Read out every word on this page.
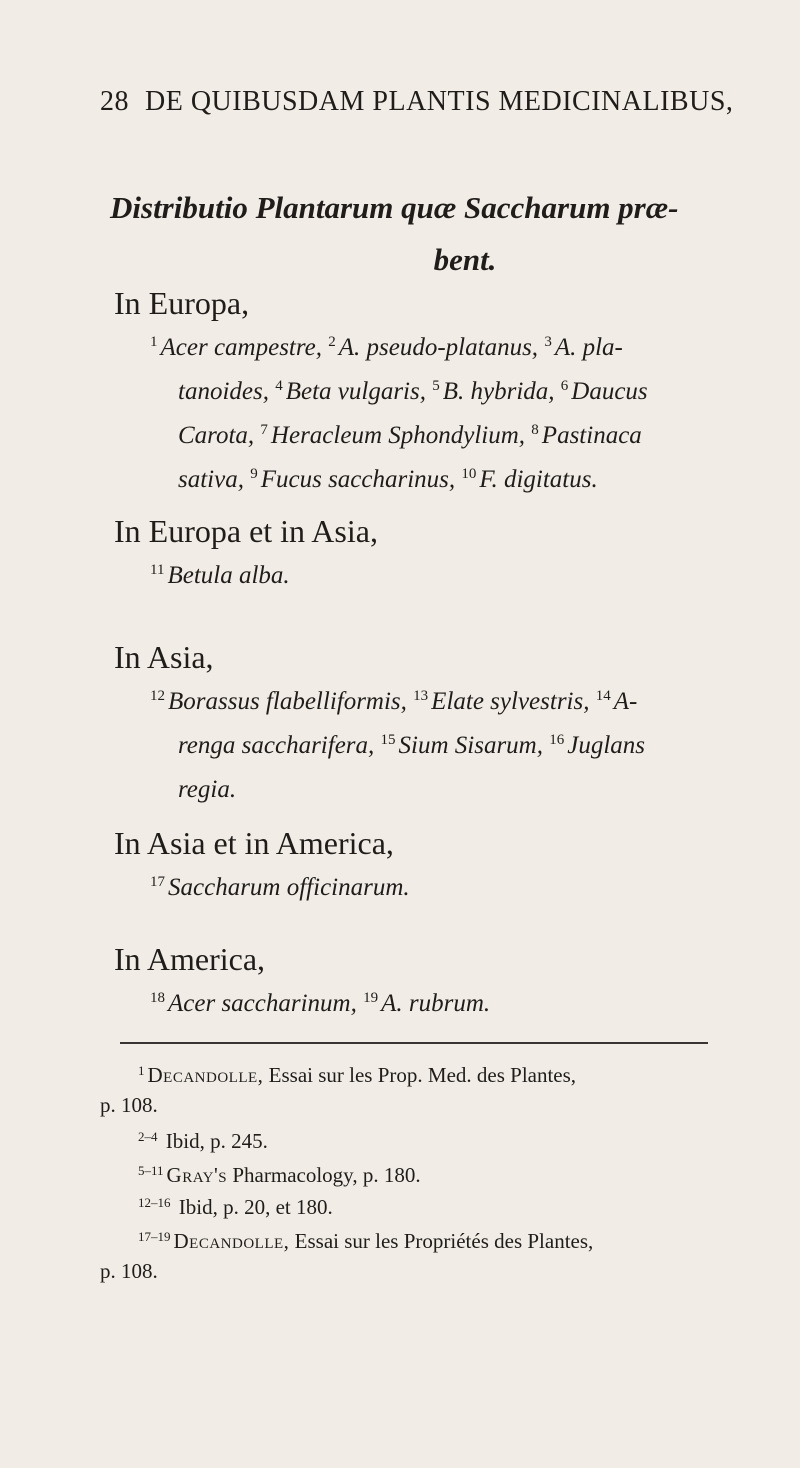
28 DE QUIBUSDAM PLANTIS MEDICINALIBUS,
Distributio Plantarum quæ Saccharum præ-
bent.
In Europa,
$^1$ Acer campestre, $^2$ A. pseudo-platanus, $^3$ A. pla-
tanoides, $^4$ Beta vulgaris, $^5$ B. hybrida, $^6$ Daucus
Carota, $^7$ Heracleum Sphondylium, $^8$ Pastinaca
sativa, $^9$ Fucus saccharinus, $^{10}$ F. digitatus.
In Europa et in Asia,
$^{11}$ Betula alba.
In Asia,
$^{12}$ Borassus flabelliformis, $^{13}$ Elate sylvestris, $^{14}$ A-
renga saccharifera, $^{15}$ Sium Sisarum, $^{16}$ Juglans
regia.
In Asia et in America,
$^{17}$ Saccharum officinarum.
In America,
$^{18}$ Acer saccharinum, $^{19}$ A. rubrum.
$^1$ Decandolle, Essai sur les Prop. Med. des Plantes,
p. 108.
$^{2-4}$ Ibid, p. 245.
$^{5-11}$ Gray's Pharmacology, p. 180.
$^{12-16}$ Ibid, p. 20, et 180.
$^{17-19}$ Decandolle, Essai sur les Propriétés des Plantes,
p. 108.
